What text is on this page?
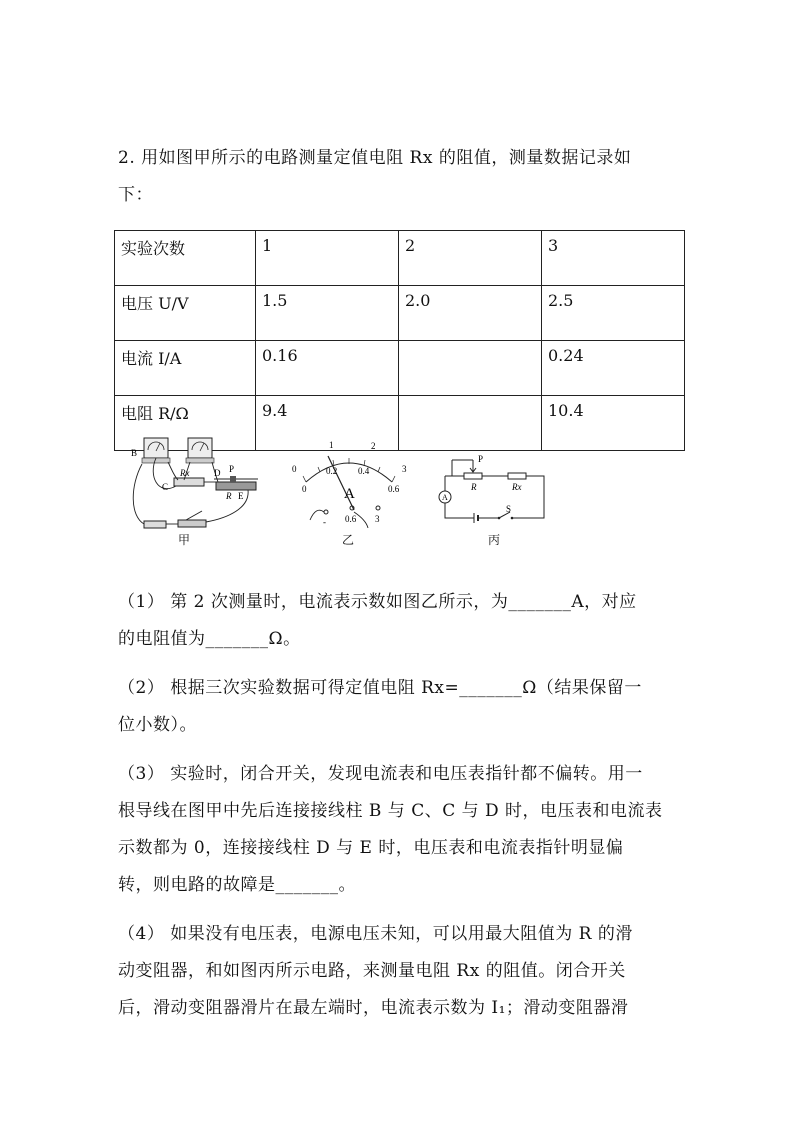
2. 用如图甲所示的电路测量定值电阻 Rx 的阻值，测量数据记录如
下：
实验次数	1	2	3
电压 U/V	1.5	2.0	2.5
电流 I/A	0.16		0.24
电阻 R/Ω	9.4		10.4
B
C
Rx	D P
R E
甲
1	2
0	3
0
0.2 0.4
0.6
A
- 0.6 3
乙
A
P
R	Rx
S
丙
（1） 第 2 次测量时，电流表示数如图乙所示，为_______A，对应
的电阻值为_______Ω。
（2） 根据三次实验数据可得定值电阻 Rx=_______Ω（结果保留一
位小数）。
（3） 实验时，闭合开关，发现电流表和电压表指针都不偏转。用一
根导线在图甲中先后连接接线柱 B 与 C、C 与 D 时，电压表和电流表
示数都为 0，连接接线柱 D 与 E 时，电压表和电流表指针明显偏
转，则电路的故障是_______。
（4） 如果没有电压表，电源电压未知，可以用最大阻值为 R 的滑
动变阻器，和如图丙所示电路，来测量电阻 Rx 的阻值。闭合开关
后，滑动变阻器滑片在最左端时，电流表示数为 I₁；滑动变阻器滑
